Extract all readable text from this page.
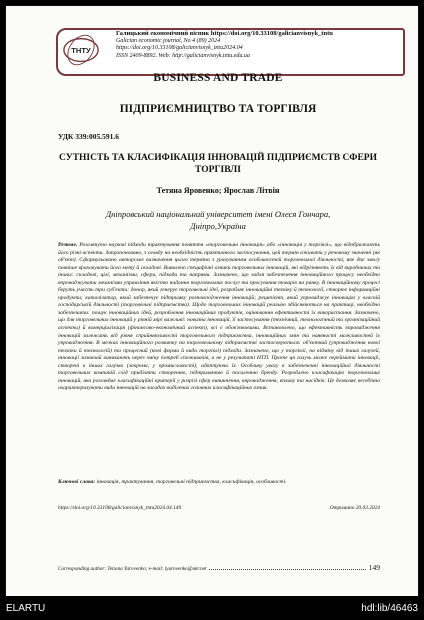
ТНТУ
Галицький економічний вісник https://doi.org/10.33108/galicianvisnyk_tntu
Galician economic journal, No 4 (89) 2024
https://doi.org/10.33108/galicianvisnyk_tntu2024.04
ISSN 2409-8892. Web: http://galicianvisnyk.tntu.edu.ua
BUSINESS AND TRADE
ПІДПРИЄМНИЦТВО ТА ТОРГІВЛЯ
УДК 339:005.591.6
СУТНІСТЬ ТА КЛАСИФІКАЦІЯ ІННОВАЦІЙ ПІДПРИЄМСТВ СФЕРИ ТОРГІВЛІ
Тетяна Яровенко; Ярослав Літвін
Дніпровський національний університет імені Олеся Гончара,
Дніпро,Україна
Резюме. Розглянуто наукові підходи трактування поняття «торговельна інновація» або «інновація у торгівлі», що відображають його різні аспекти. Запропоновано, з огляду на необхідність практичного застосування, цей термін вживати у речовому значенні (як об'єкт). Сформульовано авторське визначення цього терміна з урахуванням особливостей торговельної діяльності, яке дає змогу повніше враховувати його мету й складові. Виявлено специфічні ознаки торговельних інновацій, які відрізняють їх від виробничих та інших: складові, цілі, механізми, сфери, підходи та напрями. Зазначено, що задля забезпечення інноваційного процесу необхідно впроваджувати механізми управління якістю надання торговельних послуг та просування товарів на ринку. В інноваційному процесі беруть участь три суб'єкти: донор, який генерує торговельні ідеї, розробляє інноваційні техніку й технології, створює інформаційні продукти; каталізатор, який забезпечує підтримку розповсюдження інновацій; реципієнт, який упроваджує інновацію у власній господарській діяльності (торговельні підприємства). Щодо торговельних інновацій реально здійснюються на практиці, необхідно забезпечити: пошук інноваційних ідей, розроблення інноваційних продуктів, оцінювання ефективності їх використання. Зазначено, що для торговельних інновацій у рівній мірі важливі: новизна інновацій, її застосування (технічний, технологічний та організаційний аспекти) й комерціалізація (фінансово-економічний аспект), всі є обов'язковими. Встановлено, що ефективність впровадження інновацій залежить від рівня сприйнятливості торговельного підприємства, інноваційних змін та наявності можливостей їх упровадження. В межах інноваційного розвитку на торговельному підприємстві застосовуються: об'єктний (упровадження нової техніки й технологій) та процесний (нові форми й види торгівлі) підходи. Зазначено, що у торгівлі, на відміну від інших галузей, інновації зазвичай виникають через зміну потреб споживачів, а не у результаті НТП. Проте ця галузь може переймати інновації, створені в інших галузях (зокрема, у промисловості), адаптуючи їх. Особливу увагу в забезпеченні інноваційної діяльності торговельних компаній слід приділяти створенню, підтриманню й посиленню бренду. Розроблено класифікацію торговельних інновацій, яка розглядає класифікаційні критерії у розрізі сфер виникнення, впровадження, впливу та насідків. Це дозволяє весебічно охарактеризувати види інновацій на засадах виділених головних класифікаційних ознак.
Ключові слова: інновація, трактування, торговельні підприємства, класифікація, особливості.
https://doi.org/10.33108/galicianvisnyk_tntu2024.04.149	Отримано 20.03.2024
Corresponding author: Tetiana Yarovenko; e-mail: tyarovenko@ukr.net	149
ELARTU	hdl:lib/46463
